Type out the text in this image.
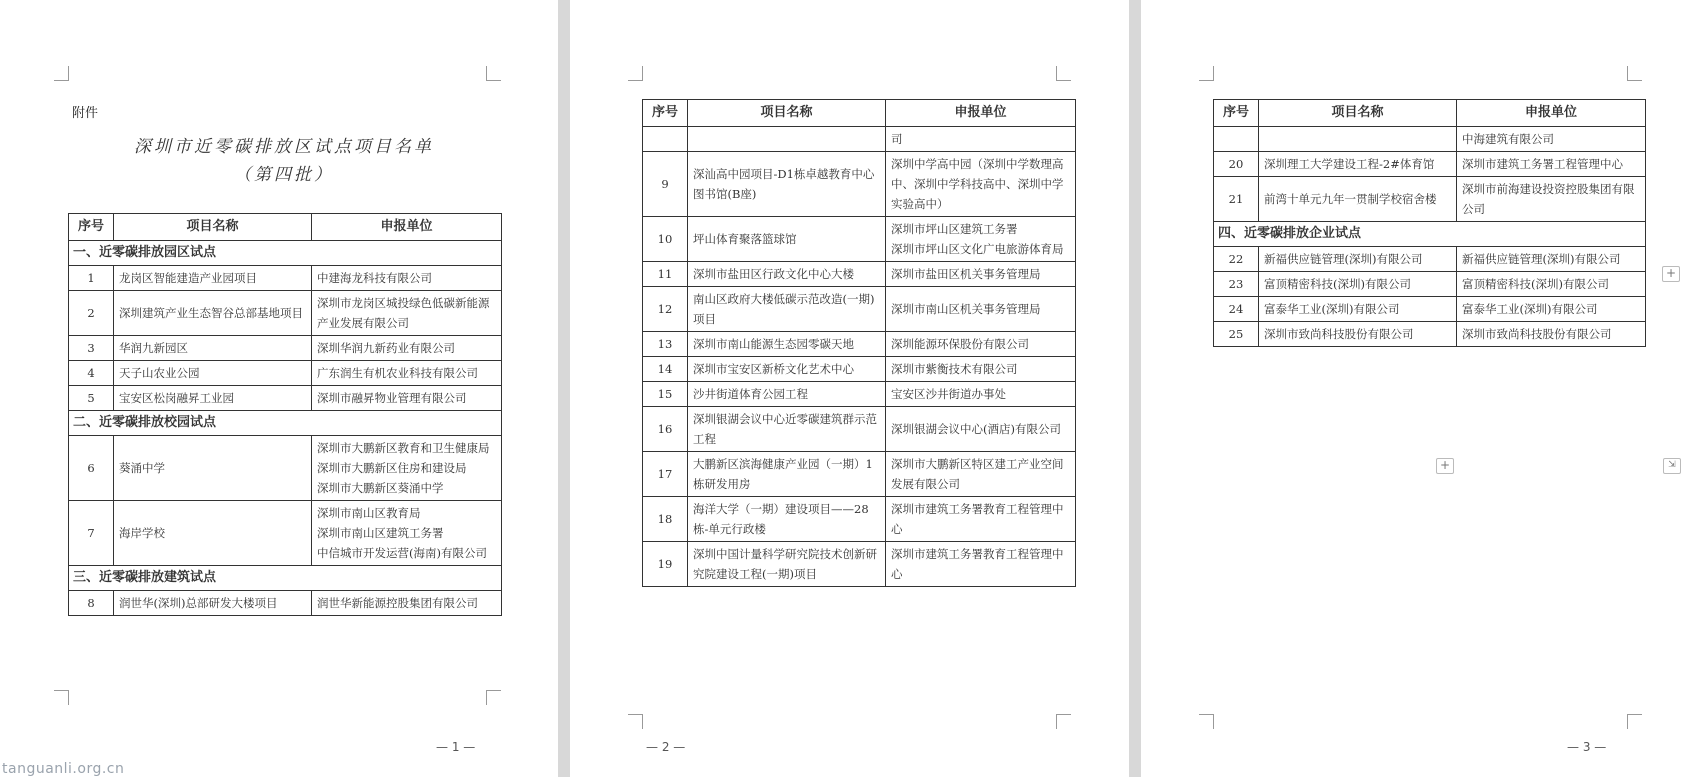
附件
深圳市近零碳排放区试点项目名单
（第四批）
序号	项目名称	申报单位
一、近零碳排放园区试点		
1	龙岗区智能建造产业园项目	中建海龙科技有限公司
2	深圳建筑产业生态智谷总部基地项目	深圳市龙岗区城投绿色低碳新能源产业发展有限公司
3	华润九新园区	深圳华润九新药业有限公司
4	天子山农业公园	广东润生有机农业科技有限公司
5	宝安区松岗融昇工业园	深圳市融昇物业管理有限公司
二、近零碳排放校园试点		
6	葵涌中学	深圳市大鹏新区教育和卫生健康局
深圳市大鹏新区住房和建设局
深圳市大鹏新区葵涌中学
7	海岸学校	深圳市南山区教育局
深圳市南山区建筑工务署
中信城市开发运营(海南)有限公司
三、近零碳排放建筑试点		
8	润世华(深圳)总部研发大楼项目	润世华新能源控股集团有限公司
— 1 —
序号	项目名称	申报单位
		司
9	深汕高中园项目-D1栋卓越教育中心图书馆(B座)	深圳中学高中园（深圳中学数理高中、深圳中学科技高中、深圳中学实验高中）
10	坪山体育聚落篮球馆	深圳市坪山区建筑工务署
深圳市坪山区文化广电旅游体育局
11	深圳市盐田区行政文化中心大楼	深圳市盐田区机关事务管理局
12	南山区政府大楼低碳示范改造(一期)项目	深圳市南山区机关事务管理局
13	深圳市南山能源生态园零碳天地	深圳能源环保股份有限公司
14	深圳市宝安区新桥文化艺术中心	深圳市紫衡技术有限公司
15	沙井街道体育公园工程	宝安区沙井街道办事处
16	深圳银湖会议中心近零碳建筑群示范工程	深圳银湖会议中心(酒店)有限公司
17	大鹏新区滨海健康产业园（一期）1栋研发用房	深圳市大鹏新区特区建工产业空间发展有限公司
18	海洋大学（一期）建设项目——28栋-单元行政楼	深圳市建筑工务署教育工程管理中心
19	深圳中国计量科学研究院技术创新研究院建设工程(一期)项目	深圳市建筑工务署教育工程管理中心
— 2 —
序号	项目名称	申报单位
		中海建筑有限公司
20	深圳理工大学建设工程-2#体育馆	深圳市建筑工务署工程管理中心
21	前湾十单元九年一贯制学校宿舍楼	深圳市前海建设投资控股集团有限公司
四、近零碳排放企业试点		
22	新福供应链管理(深圳)有限公司	新福供应链管理(深圳)有限公司
23	富顶精密科技(深圳)有限公司	富顶精密科技(深圳)有限公司
24	富泰华工业(深圳)有限公司	富泰华工业(深圳)有限公司
25	深圳市致尚科技股份有限公司	深圳市致尚科技股份有限公司
+
+	⇲
— 3 —
tanguanli.org.cn
